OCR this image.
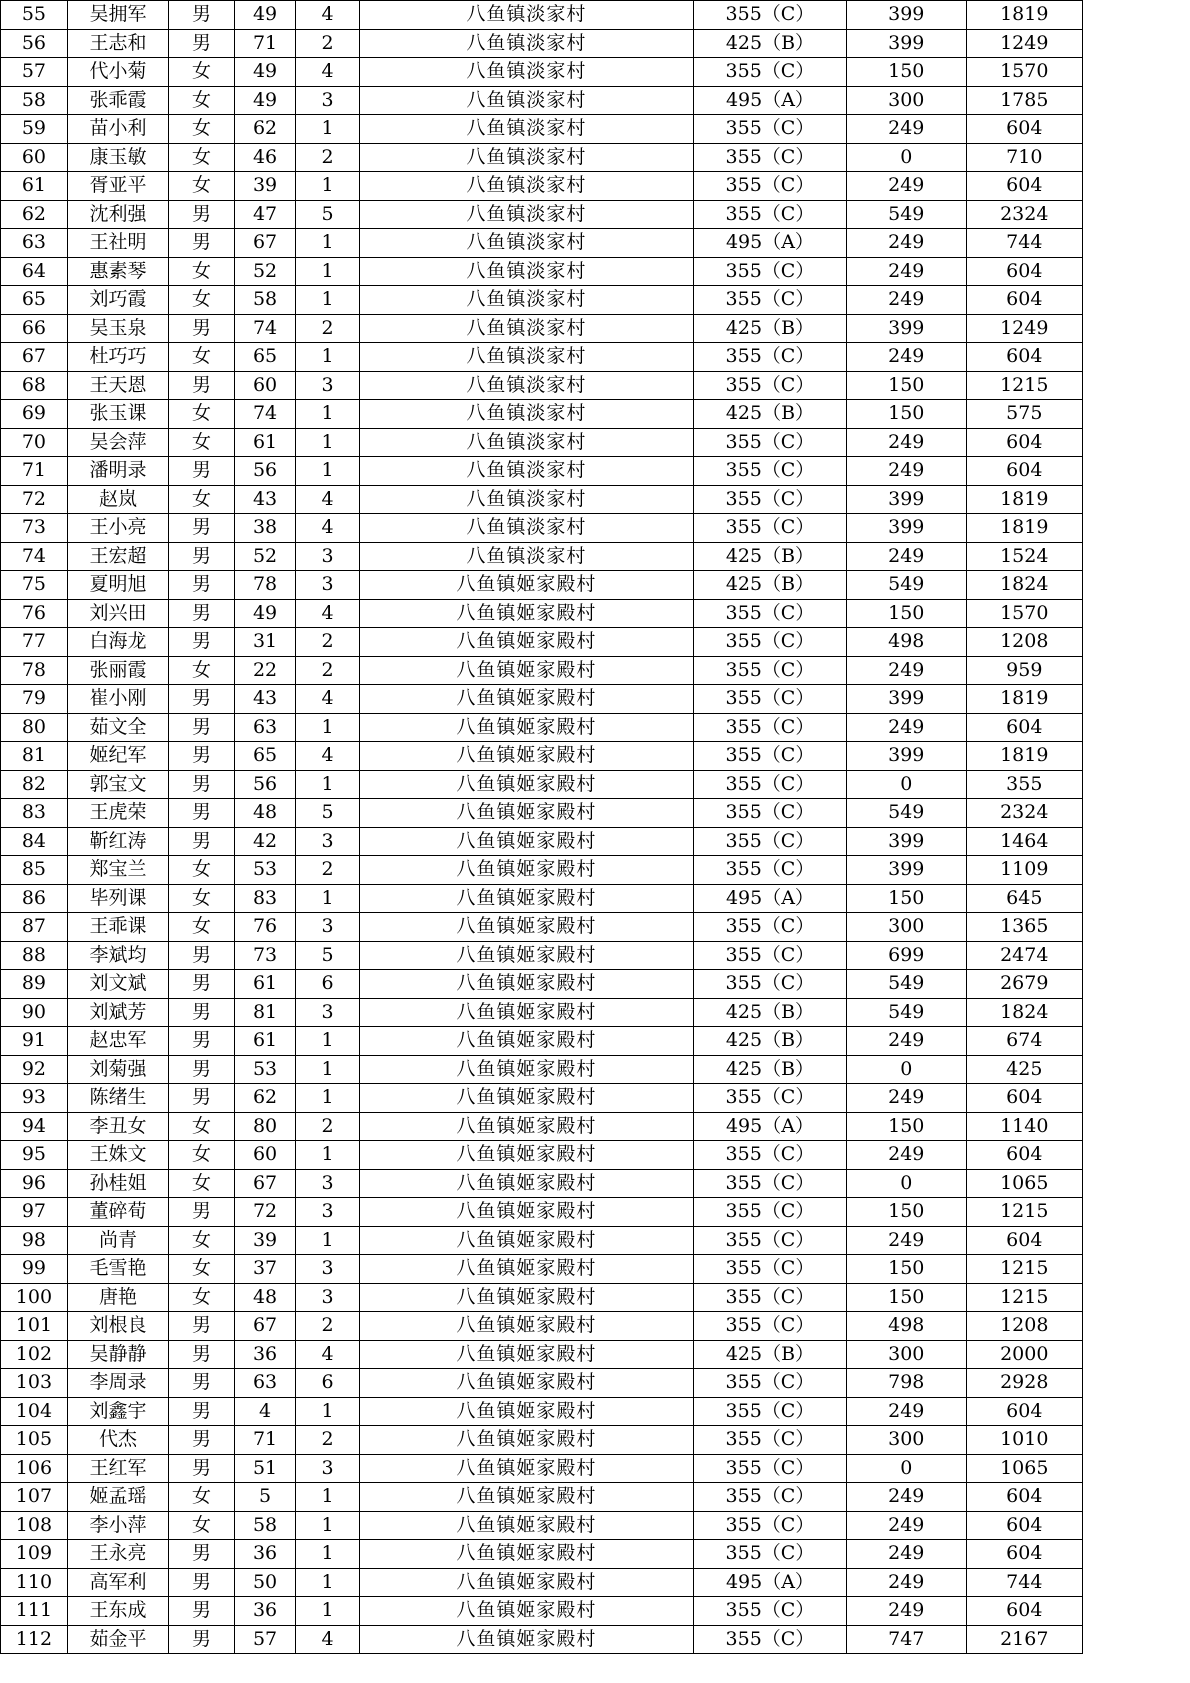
55	吴拥军	男	49	4	八鱼镇淡家村	355（C）	399	1819
56	王志和	男	71	2	八鱼镇淡家村	425（B）	399	1249
57	代小菊	女	49	4	八鱼镇淡家村	355（C）	150	1570
58	张乖霞	女	49	3	八鱼镇淡家村	495（A）	300	1785
59	苗小利	女	62	1	八鱼镇淡家村	355（C）	249	604
60	康玉敏	女	46	2	八鱼镇淡家村	355（C）	0	710
61	胥亚平	女	39	1	八鱼镇淡家村	355（C）	249	604
62	沈利强	男	47	5	八鱼镇淡家村	355（C）	549	2324
63	王社明	男	67	1	八鱼镇淡家村	495（A）	249	744
64	惠素琴	女	52	1	八鱼镇淡家村	355（C）	249	604
65	刘巧霞	女	58	1	八鱼镇淡家村	355（C）	249	604
66	吴玉泉	男	74	2	八鱼镇淡家村	425（B）	399	1249
67	杜巧巧	女	65	1	八鱼镇淡家村	355（C）	249	604
68	王天恩	男	60	3	八鱼镇淡家村	355（C）	150	1215
69	张玉课	女	74	1	八鱼镇淡家村	425（B）	150	575
70	吴会萍	女	61	1	八鱼镇淡家村	355（C）	249	604
71	潘明录	男	56	1	八鱼镇淡家村	355（C）	249	604
72	赵岚	女	43	4	八鱼镇淡家村	355（C）	399	1819
73	王小亮	男	38	4	八鱼镇淡家村	355（C）	399	1819
74	王宏超	男	52	3	八鱼镇淡家村	425（B）	249	1524
75	夏明旭	男	78	3	八鱼镇姬家殿村	425（B）	549	1824
76	刘兴田	男	49	4	八鱼镇姬家殿村	355（C）	150	1570
77	白海龙	男	31	2	八鱼镇姬家殿村	355（C）	498	1208
78	张丽霞	女	22	2	八鱼镇姬家殿村	355（C）	249	959
79	崔小刚	男	43	4	八鱼镇姬家殿村	355（C）	399	1819
80	茹文全	男	63	1	八鱼镇姬家殿村	355（C）	249	604
81	姬纪军	男	65	4	八鱼镇姬家殿村	355（C）	399	1819
82	郭宝文	男	56	1	八鱼镇姬家殿村	355（C）	0	355
83	王虎荣	男	48	5	八鱼镇姬家殿村	355（C）	549	2324
84	靳红涛	男	42	3	八鱼镇姬家殿村	355（C）	399	1464
85	郑宝兰	女	53	2	八鱼镇姬家殿村	355（C）	399	1109
86	毕列课	女	83	1	八鱼镇姬家殿村	495（A）	150	645
87	王乖课	女	76	3	八鱼镇姬家殿村	355（C）	300	1365
88	李斌均	男	73	5	八鱼镇姬家殿村	355（C）	699	2474
89	刘文斌	男	61	6	八鱼镇姬家殿村	355（C）	549	2679
90	刘斌芳	男	81	3	八鱼镇姬家殿村	425（B）	549	1824
91	赵忠军	男	61	1	八鱼镇姬家殿村	425（B）	249	674
92	刘菊强	男	53	1	八鱼镇姬家殿村	425（B）	0	425
93	陈绪生	男	62	1	八鱼镇姬家殿村	355（C）	249	604
94	李丑女	女	80	2	八鱼镇姬家殿村	495（A）	150	1140
95	王姝文	女	60	1	八鱼镇姬家殿村	355（C）	249	604
96	孙桂姐	女	67	3	八鱼镇姬家殿村	355（C）	0	1065
97	董碎荀	男	72	3	八鱼镇姬家殿村	355（C）	150	1215
98	尚青	女	39	1	八鱼镇姬家殿村	355（C）	249	604
99	毛雪艳	女	37	3	八鱼镇姬家殿村	355（C）	150	1215
100	唐艳	女	48	3	八鱼镇姬家殿村	355（C）	150	1215
101	刘根良	男	67	2	八鱼镇姬家殿村	355（C）	498	1208
102	吴静静	男	36	4	八鱼镇姬家殿村	425（B）	300	2000
103	李周录	男	63	6	八鱼镇姬家殿村	355（C）	798	2928
104	刘鑫宇	男	4	1	八鱼镇姬家殿村	355（C）	249	604
105	代杰	男	71	2	八鱼镇姬家殿村	355（C）	300	1010
106	王红军	男	51	3	八鱼镇姬家殿村	355（C）	0	1065
107	姬孟瑶	女	5	1	八鱼镇姬家殿村	355（C）	249	604
108	李小萍	女	58	1	八鱼镇姬家殿村	355（C）	249	604
109	王永亮	男	36	1	八鱼镇姬家殿村	355（C）	249	604
110	高军利	男	50	1	八鱼镇姬家殿村	495（A）	249	744
111	王东成	男	36	1	八鱼镇姬家殿村	355（C）	249	604
112	茹金平	男	57	4	八鱼镇姬家殿村	355（C）	747	2167
